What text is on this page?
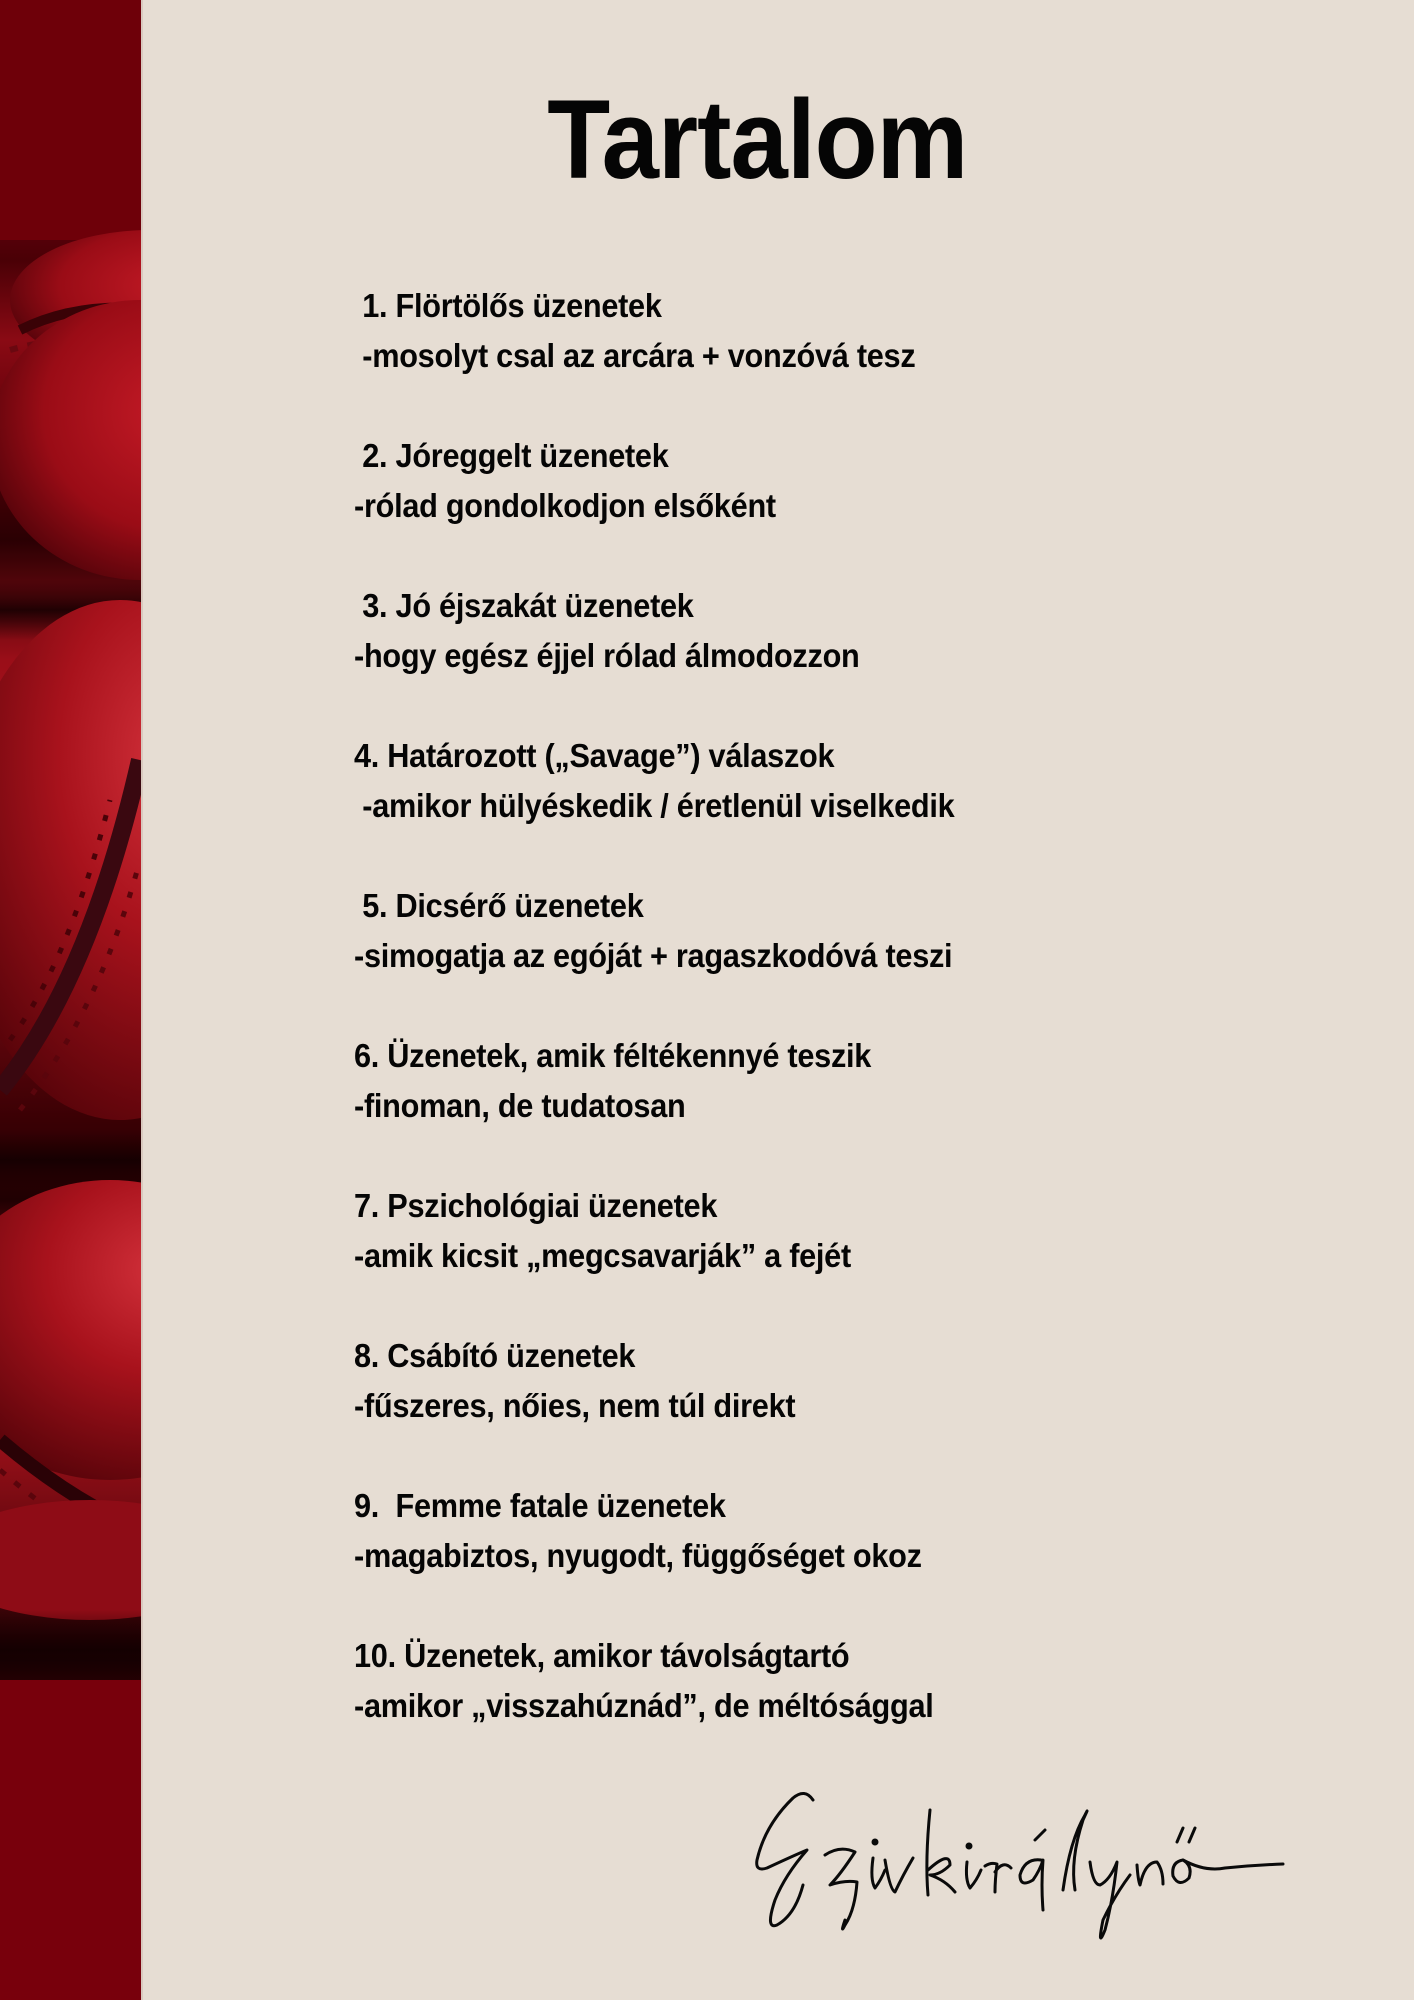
Tartalom
1. Flörtölős üzenetek
-mosolyt csal az arcára + vonzóvá tesz
2. Jóreggelt üzenetek
-rólad gondolkodjon elsőként
3. Jó éjszakát üzenetek
-hogy egész éjjel rólad álmodozzon
4. Határozott („Savage”) válaszok
-amikor hülyéskedik / éretlenül viselkedik
5. Dicsérő üzenetek
-simogatja az egóját + ragaszkodóvá teszi
6. Üzenetek, amik féltékennyé teszik
-finoman, de tudatosan
7. Pszichológiai üzenetek
-amik kicsit „megcsavarják” a fejét
8. Csábító üzenetek
-fűszeres, nőies, nem túl direkt
9.  Femme fatale üzenetek
-magabiztos, nyugodt, függőséget okoz
10. Üzenetek, amikor távolságtartó
-amikor „visszahúznád”, de méltósággal
